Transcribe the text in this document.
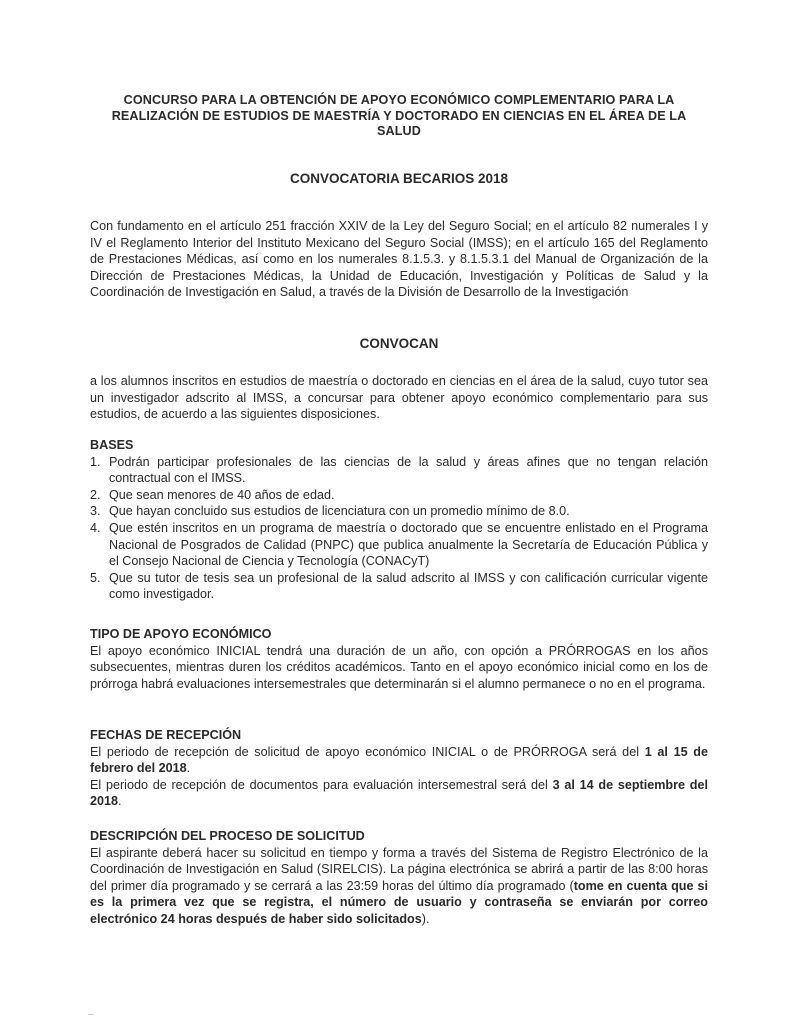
CONCURSO PARA LA OBTENCIÓN DE APOYO ECONÓMICO COMPLEMENTARIO PARA LA
REALIZACIÓN DE ESTUDIOS DE MAESTRÍA Y DOCTORADO EN CIENCIAS EN EL ÁREA DE LA
SALUD
CONVOCATORIA BECARIOS 2018
Con fundamento en el artículo 251 fracción XXIV de la Ley del Seguro Social; en el artículo 82 numerales I y IV el Reglamento Interior del Instituto Mexicano del Seguro Social (IMSS); en el artículo 165 del Reglamento de Prestaciones Médicas, así como en los numerales 8.1.5.3. y 8.1.5.3.1 del Manual de Organización de la Dirección de Prestaciones Médicas, la Unidad de Educación, Investigación y Políticas de Salud y la Coordinación de Investigación en Salud, a través de la División de Desarrollo de la Investigación
CONVOCAN
a los alumnos inscritos en estudios de maestría o doctorado en ciencias en el área de la salud, cuyo tutor sea un investigador adscrito al IMSS, a concursar para obtener apoyo económico complementario para sus estudios, de acuerdo a las siguientes disposiciones.
BASES
1. Podrán participar profesionales de las ciencias de la salud y áreas afines que no tengan relación contractual con el IMSS.
2. Que sean menores de 40 años de edad.
3. Que hayan concluido sus estudios de licenciatura con un promedio mínimo de 8.0.
4. Que estén inscritos en un programa de maestría o doctorado que se encuentre enlistado en el Programa Nacional de Posgrados de Calidad (PNPC) que publica anualmente la Secretaría de Educación Pública y el Consejo Nacional de Ciencia y Tecnología (CONACyT)
5. Que su tutor de tesis sea un profesional de la salud adscrito al IMSS y con calificación curricular vigente como investigador.
TIPO DE APOYO ECONÓMICO
El apoyo económico INICIAL tendrá una duración de un año, con opción a PRÓRROGAS en los años subsecuentes, mientras duren los créditos académicos. Tanto en el apoyo económico inicial como en los de prórroga habrá evaluaciones intersemestrales que determinarán si el alumno permanece o no en el programa.
FECHAS DE RECEPCIÓN
El periodo de recepción de solicitud de apoyo económico INICIAL o de PRÓRROGA será del 1 al 15 de febrero del 2018.
El periodo de recepción de documentos para evaluación intersemestral será del 3 al 14 de septiembre del 2018.
DESCRIPCIÓN DEL PROCESO DE SOLICITUD
El aspirante deberá hacer su solicitud en tiempo y forma a través del Sistema de Registro Electrónico de la Coordinación de Investigación en Salud (SIRELCIS). La página electrónica se abrirá a partir de las 8:00 horas del primer día programado y se cerrará a las 23:59 horas del último día programado (tome en cuenta que si es la primera vez que se registra, el número de usuario y contraseña se enviarán por correo electrónico 24 horas después de haber sido solicitados).
